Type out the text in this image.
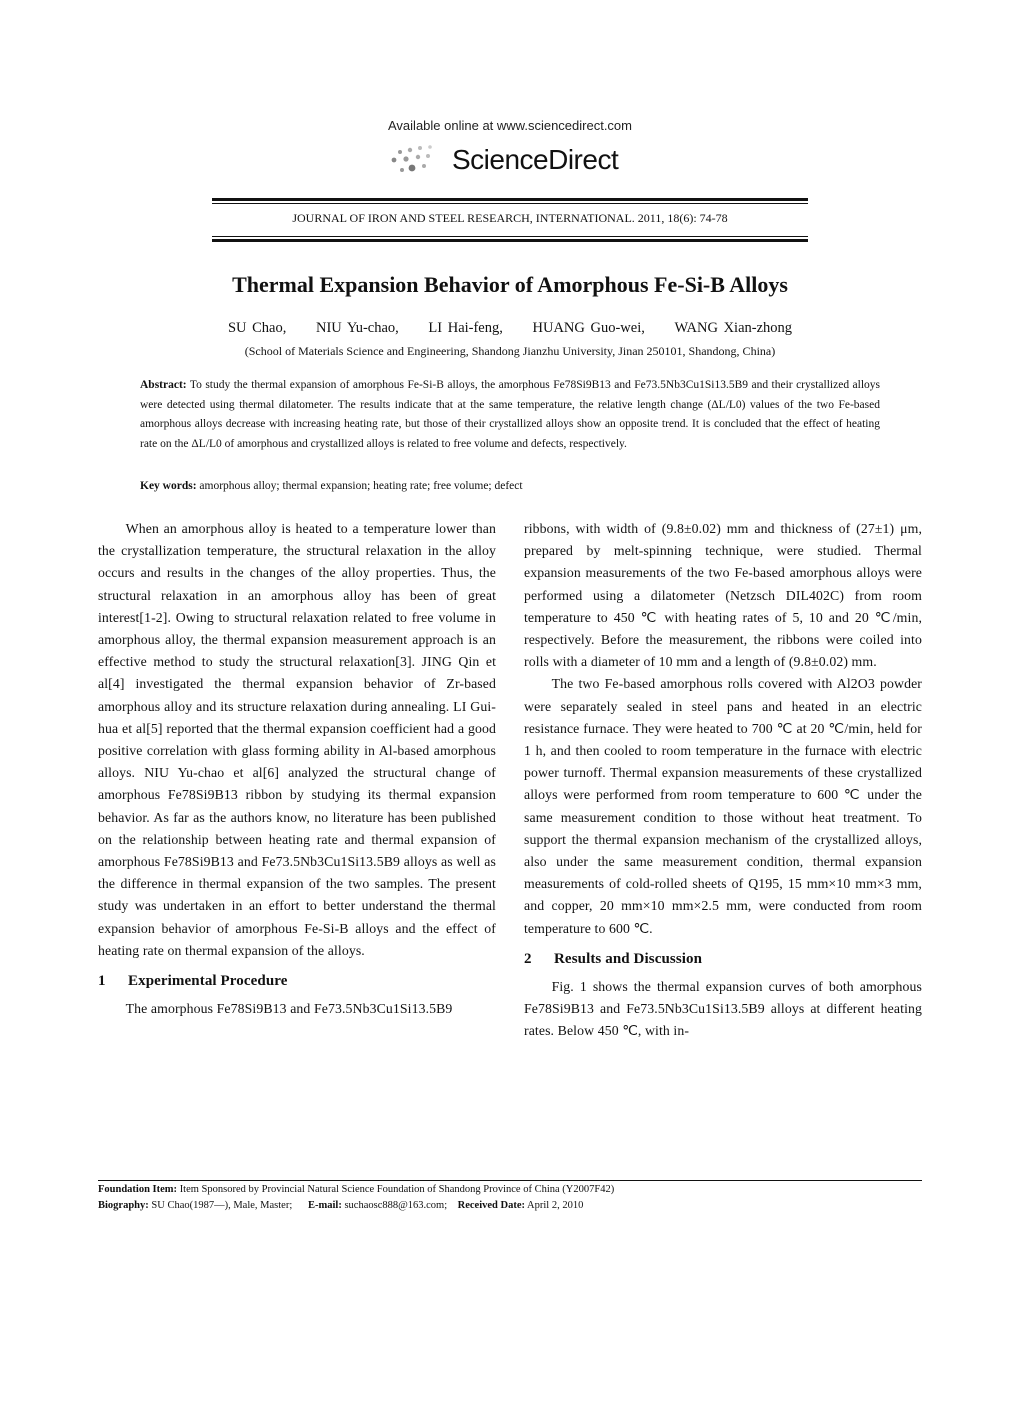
Available online at www.sciencedirect.com
ScienceDirect
JOURNAL OF IRON AND STEEL RESEARCH, INTERNATIONAL. 2011, 18(6): 74-78
Thermal Expansion Behavior of Amorphous Fe-Si-B Alloys
SU Chao, NIU Yu-chao, LI Hai-feng, HUANG Guo-wei, WANG Xian-zhong
(School of Materials Science and Engineering, Shandong Jianzhu University, Jinan 250101, Shandong, China)
Abstract: To study the thermal expansion of amorphous Fe-Si-B alloys, the amorphous Fe78Si9B13 and Fe73.5Nb3Cu1Si13.5B9 and their crystallized alloys were detected using thermal dilatometer. The results indicate that at the same temperature, the relative length change (ΔL/L0) values of the two Fe-based amorphous alloys decrease with increasing heating rate, but those of their crystallized alloys show an opposite trend. It is concluded that the effect of heating rate on the ΔL/L0 of amorphous and crystallized alloys is related to free volume and defects, respectively.
Key words: amorphous alloy; thermal expansion; heating rate; free volume; defect

When an amorphous alloy is heated to a temperature lower than the crystallization temperature, the structural relaxation in the alloy occurs and results in the changes of the alloy properties. Thus, the structural relaxation in an amorphous alloy has been of great interest[1-2]. Owing to structural relaxation related to free volume in amorphous alloy, the thermal expansion measurement approach is an effective method to study the structural relaxation[3]. JING Qin et al[4] investigated the thermal expansion behavior of Zr-based amorphous alloy and its structure relaxation during annealing. LI Gui-hua et al[5] reported that the thermal expansion coefficient had a good positive correlation with glass forming ability in Al-based amorphous alloys. NIU Yu-chao et al[6] analyzed the structural change of amorphous Fe78Si9B13 ribbon by studying its thermal expansion behavior. As far as the authors know, no literature has been published on the relationship between heating rate and thermal expansion of amorphous Fe78Si9B13 and Fe73.5Nb3Cu1Si13.5B9 alloys as well as the difference in thermal expansion of the two samples. The present study was undertaken in an effort to better understand the thermal expansion behavior of amorphous Fe-Si-B alloys and the effect of heating rate on thermal expansion of the alloys.

1 Experimental Procedure

The amorphous Fe78Si9B13 and Fe73.5Nb3Cu1Si13.5B9

ribbons, with width of (9.8±0.02) mm and thickness of (27±1) μm, prepared by melt-spinning technique, were studied. Thermal expansion measurements of the two Fe-based amorphous alloys were performed using a dilatometer (Netzsch DIL402C) from room temperature to 450 ℃ with heating rates of 5, 10 and 20 ℃/min, respectively. Before the measurement, the ribbons were coiled into rolls with a diameter of 10 mm and a length of (9.8±0.02) mm.

The two Fe-based amorphous rolls covered with Al2O3 powder were separately sealed in steel pans and heated in an electric resistance furnace. They were heated to 700 ℃ at 20 ℃/min, held for 1 h, and then cooled to room temperature in the furnace with electric power turnoff. Thermal expansion measurements of these crystallized alloys were performed from room temperature to 600 ℃ under the same measurement condition to those without heat treatment. To support the thermal expansion mechanism of the crystallized alloys, also under the same measurement condition, thermal expansion measurements of cold-rolled sheets of Q195, 15 mm×10 mm×3 mm, and copper, 20 mm×10 mm×2.5 mm, were conducted from room temperature to 600 ℃.

2 Results and Discussion

Fig. 1 shows the thermal expansion curves of both amorphous Fe78Si9B13 and Fe73.5Nb3Cu1Si13.5B9 alloys at different heating rates. Below 450 ℃, with in-

Foundation Item: Item Sponsored by Provincial Natural Science Foundation of Shandong Province of China (Y2007F42)
Biography: SU Chao(1987—), Male, Master; E-mail: suchaosc888@163.com; Received Date: April 2, 2010
